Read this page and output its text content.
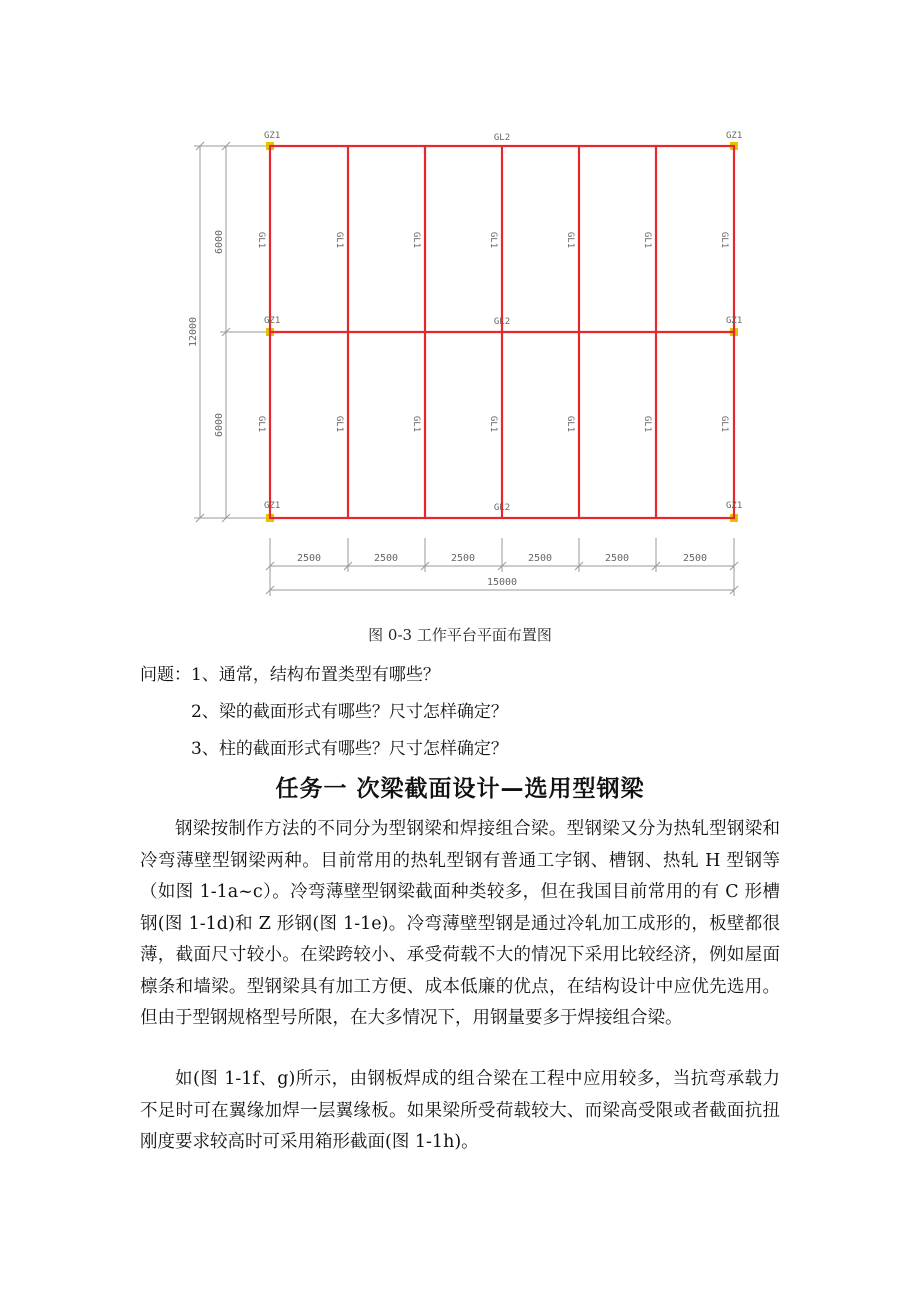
6000
6000
12000
2500	2500	2500	2500	2500	2500
15000
GZ1	GZ1
GZ1	GZ1
GZ1	GZ1
GL2
GL2
GL2
GL1	GL1	GL1	GL1	GL1	GL1	GL1
GL1	GL1	GL1	GL1	GL1	GL1	GL1
图 0-3 工作平台平面布置图
问题：1、通常，结构布置类型有哪些？
2、梁的截面形式有哪些？尺寸怎样确定？
3、柱的截面形式有哪些？尺寸怎样确定？
任务一 次梁截面设计—选用型钢梁

钢梁按制作方法的不同分为型钢梁和焊接组合梁。型钢梁又分为热轧型钢梁和冷弯薄壁型钢梁两种。目前常用的热轧型钢有普通工字钢、槽钢、热轧 H 型钢等（如图 1-1a~c）。冷弯薄壁型钢梁截面种类较多，但在我国目前常用的有 C 形槽钢(图 1-1d)和 Z 形钢(图 1-1e)。冷弯薄壁型钢是通过冷轧加工成形的，板壁都很薄，截面尺寸较小。在梁跨较小、承受荷载不大的情况下采用比较经济，例如屋面檩条和墙梁。型钢梁具有加工方便、成本低廉的优点，在结构设计中应优先选用。但由于型钢规格型号所限，在大多情况下，用钢量要多于焊接组合梁。

如(图 1-1f、g)所示，由钢板焊成的组合梁在工程中应用较多，当抗弯承载力不足时可在翼缘加焊一层翼缘板。如果梁所受荷载较大、而梁高受限或者截面抗扭刚度要求较高时可采用箱形截面(图 1-1h)。
